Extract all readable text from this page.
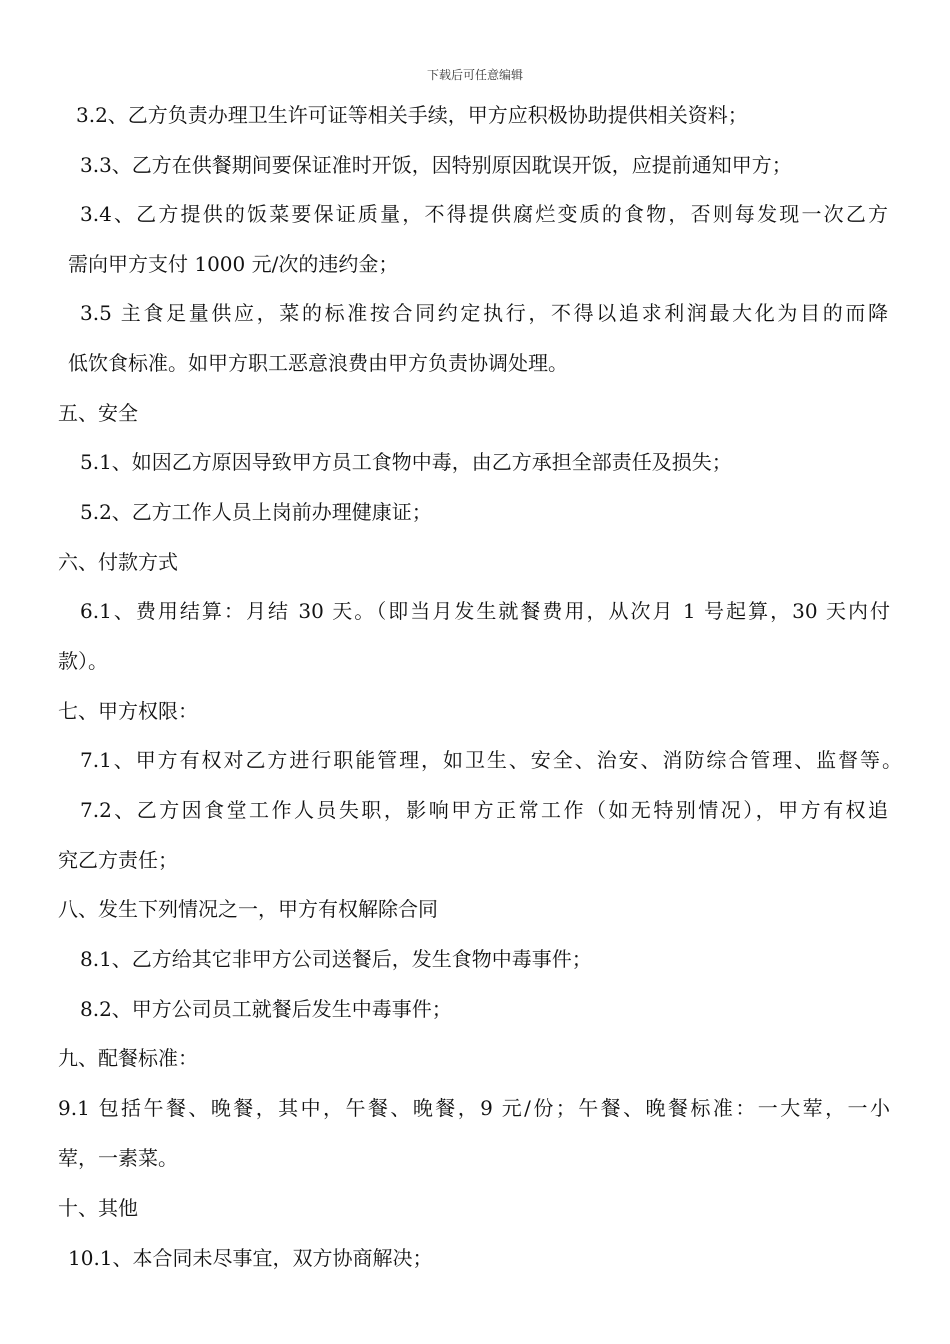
下载后可任意编辑
3.2、乙方负责办理卫生许可证等相关手续，甲方应积极协助提供相关资料；
3.3、乙方在供餐期间要保证准时开饭，因特别原因耽误开饭，应提前通知甲方；
3.4、乙方提供的饭菜要保证质量，不得提供腐烂变质的食物，否则每发现一次乙方
需向甲方支付 1000 元/次的违约金；
3.5 主食足量供应，菜的标准按合同约定执行，不得以追求利润最大化为目的而降
低饮食标准。如甲方职工恶意浪费由甲方负责协调处理。
五、安全
5.1、如因乙方原因导致甲方员工食物中毒，由乙方承担全部责任及损失；
5.2、乙方工作人员上岗前办理健康证；
六、付款方式
6.1、费用结算：月结 30 天。（即当月发生就餐费用，从次月 1 号起算，30 天内付
款）。
七、甲方权限：
7.1、甲方有权对乙方进行职能管理，如卫生、安全、治安、消防综合管理、监督等。
7.2、乙方因食堂工作人员失职，影响甲方正常工作（如无特别情况），甲方有权追
究乙方责任；
八、发生下列情况之一，甲方有权解除合同
8.1、乙方给其它非甲方公司送餐后，发生食物中毒事件；
8.2、甲方公司员工就餐后发生中毒事件；
九、配餐标准：
9.1 包括午餐、晚餐，其中，午餐、晚餐，9 元/份；午餐、晚餐标准：一大荤，一小
荤，一素菜。
十、其他
10.1、本合同未尽事宜，双方协商解决；
